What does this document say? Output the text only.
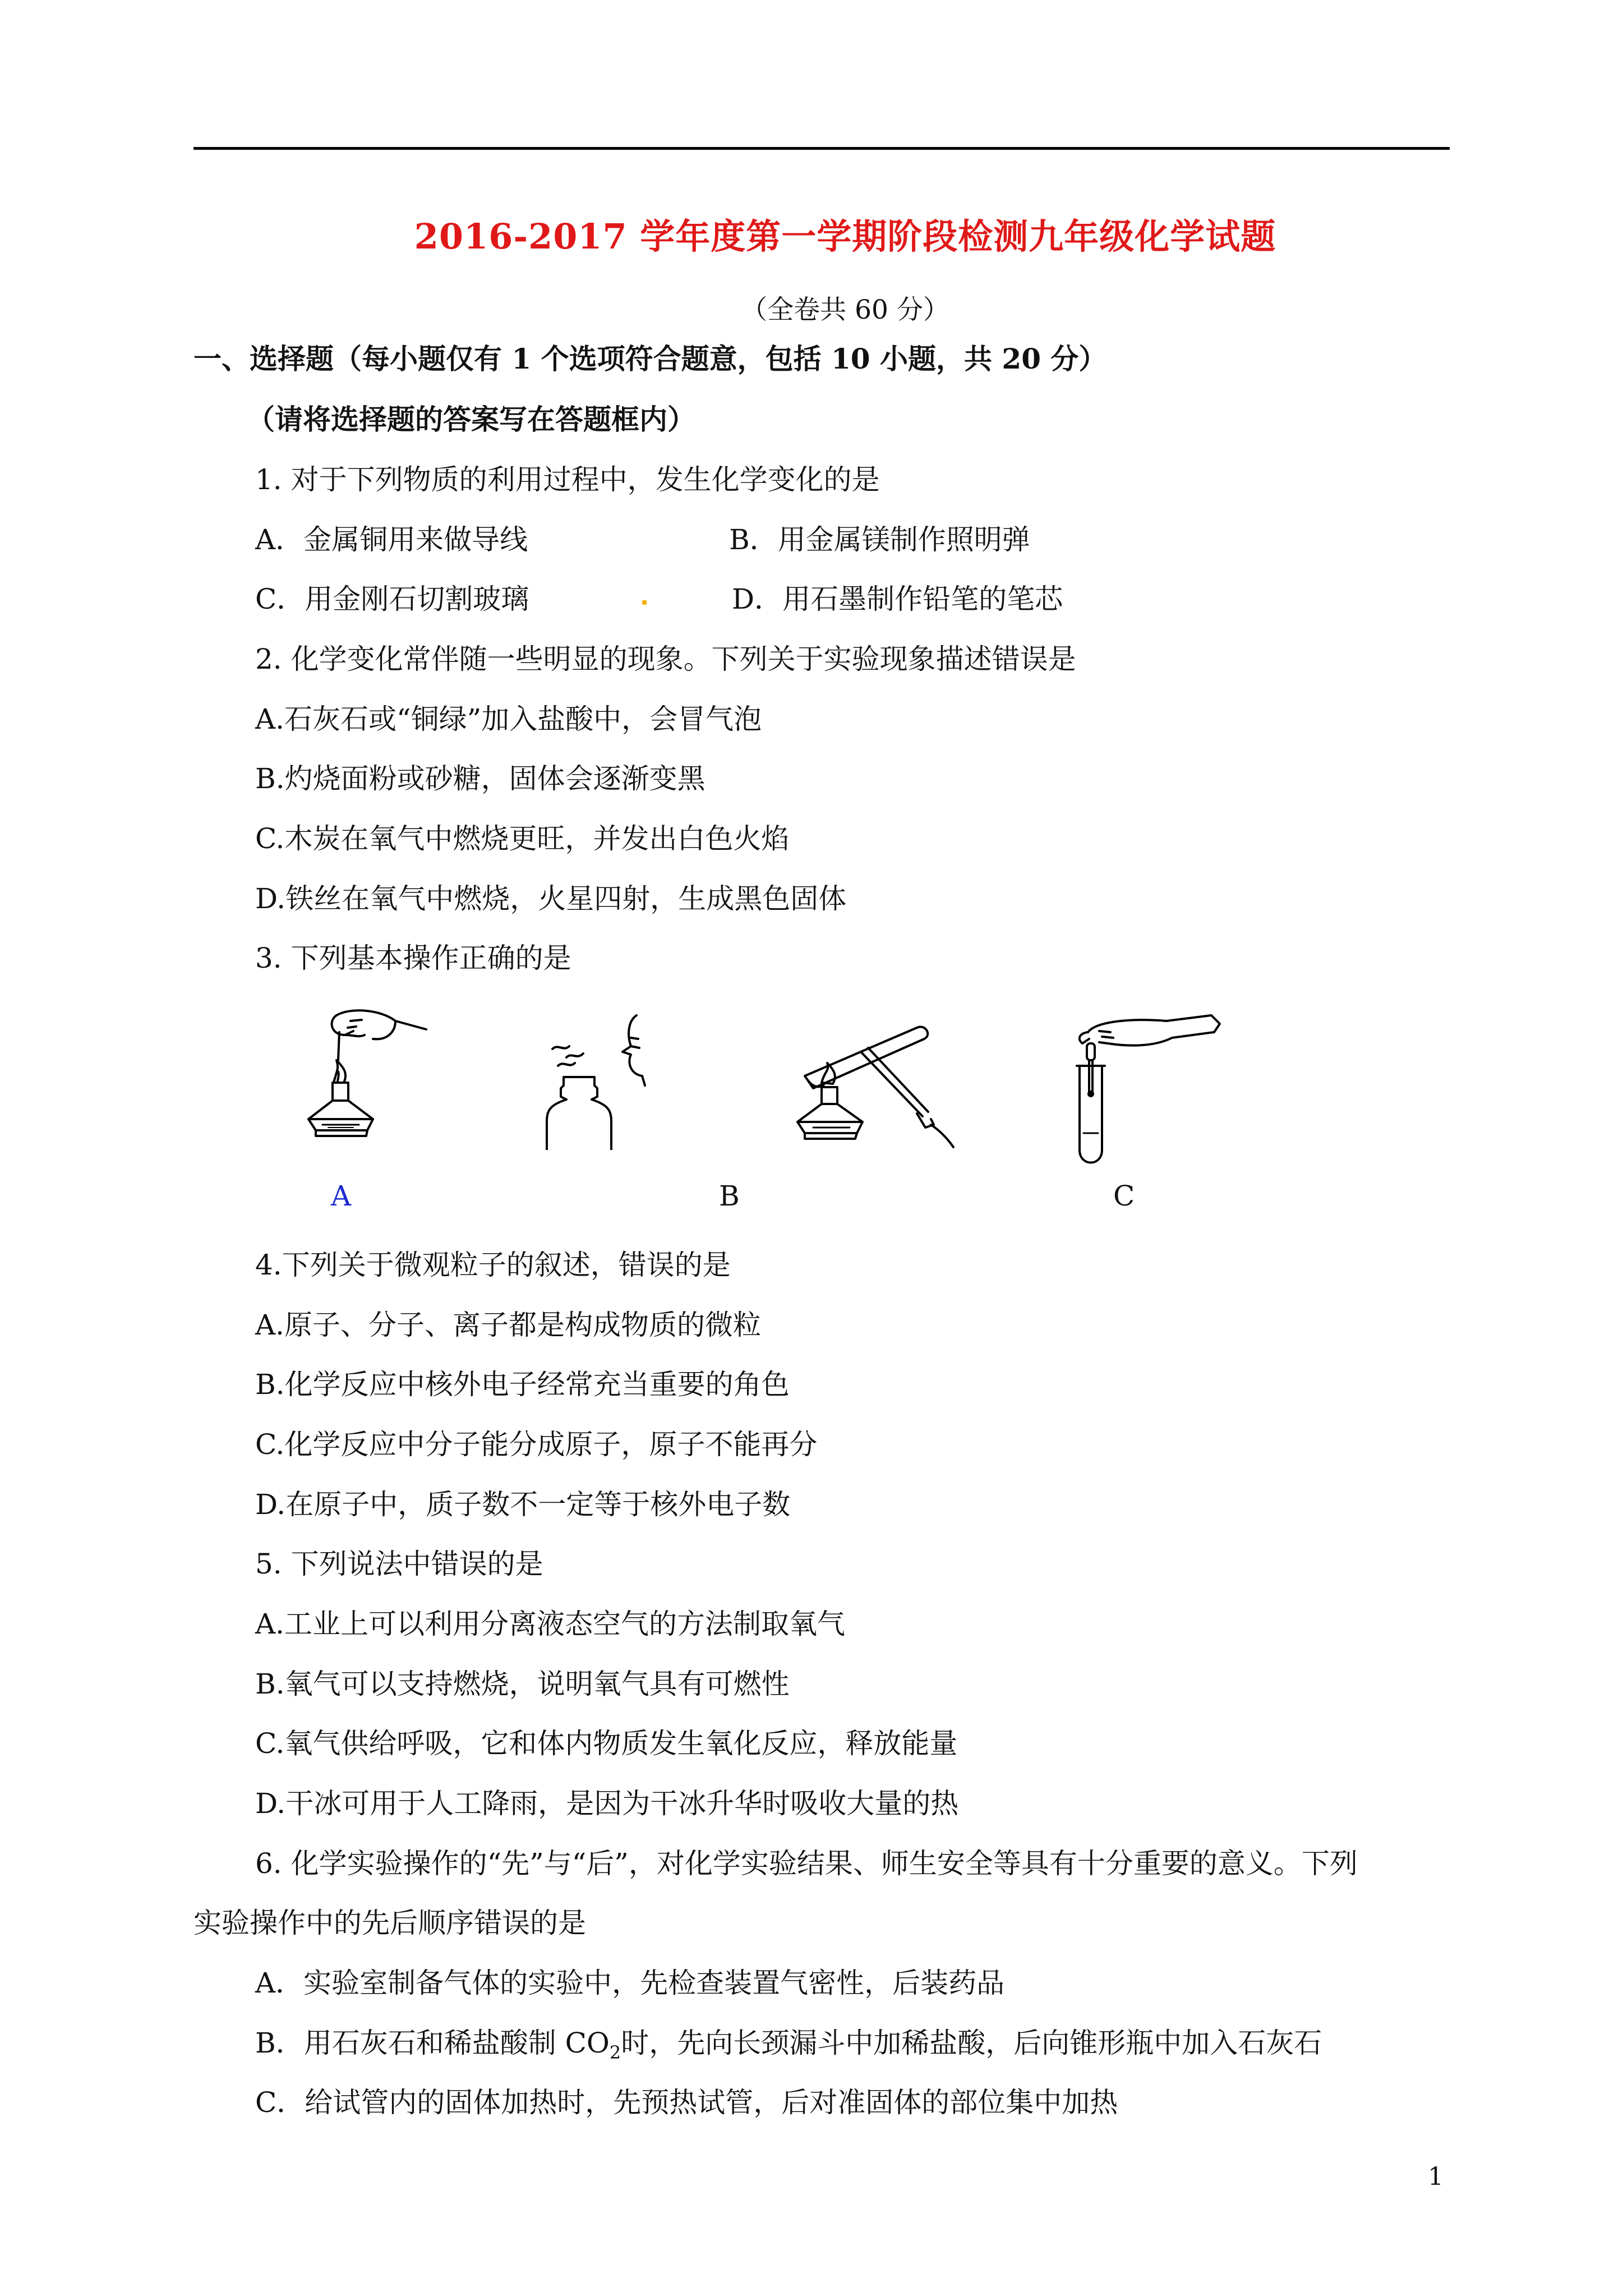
2016-2017 学年度第一学期阶段检测九年级化学试题
（全卷共 60 分）
一、选择题（每小题仅有 1 个选项符合题意，包括 10 小题，共 20 分）
（请将选择题的答案写在答题框内）
1. 对于下列物质的利用过程中，发生化学变化的是
A．金属铜用来做导线	B．用金属镁制作照明弹
C．用金刚石切割玻璃	D．用石墨制作铅笔的笔芯
2. 化学变化常伴随一些明显的现象。下列关于实验现象描述错误是
A.石灰石或“铜绿”加入盐酸中，会冒气泡
B.灼烧面粉或砂糖，固体会逐渐变黑
C.木炭在氧气中燃烧更旺，并发出白色火焰
D.铁丝在氧气中燃烧，火星四射，生成黑色固体
3. 下列基本操作正确的是
A	B	C
4.下列关于微观粒子的叙述，错误的是
A.原子、分子、离子都是构成物质的微粒
B.化学反应中核外电子经常充当重要的角色
C.化学反应中分子能分成原子，原子不能再分
D.在原子中，质子数不一定等于核外电子数
5. 下列说法中错误的是
A.工业上可以利用分离液态空气的方法制取氧气
B.氧气可以支持燃烧，说明氧气具有可燃性
C.氧气供给呼吸，它和体内物质发生氧化反应，释放能量
D.干冰可用于人工降雨，是因为干冰升华时吸收大量的热
6. 化学实验操作的“先”与“后”，对化学实验结果、师生安全等具有十分重要的意义。下列
实验操作中的先后顺序错误的是
A．实验室制备气体的实验中，先检查装置气密性，后装药品
B．用石灰石和稀盐酸制 $CO_2$时，先向长颈漏斗中加稀盐酸，后向锥形瓶中加入石灰石
C．给试管内的固体加热时，先预热试管，后对准固体的部位集中加热
1
